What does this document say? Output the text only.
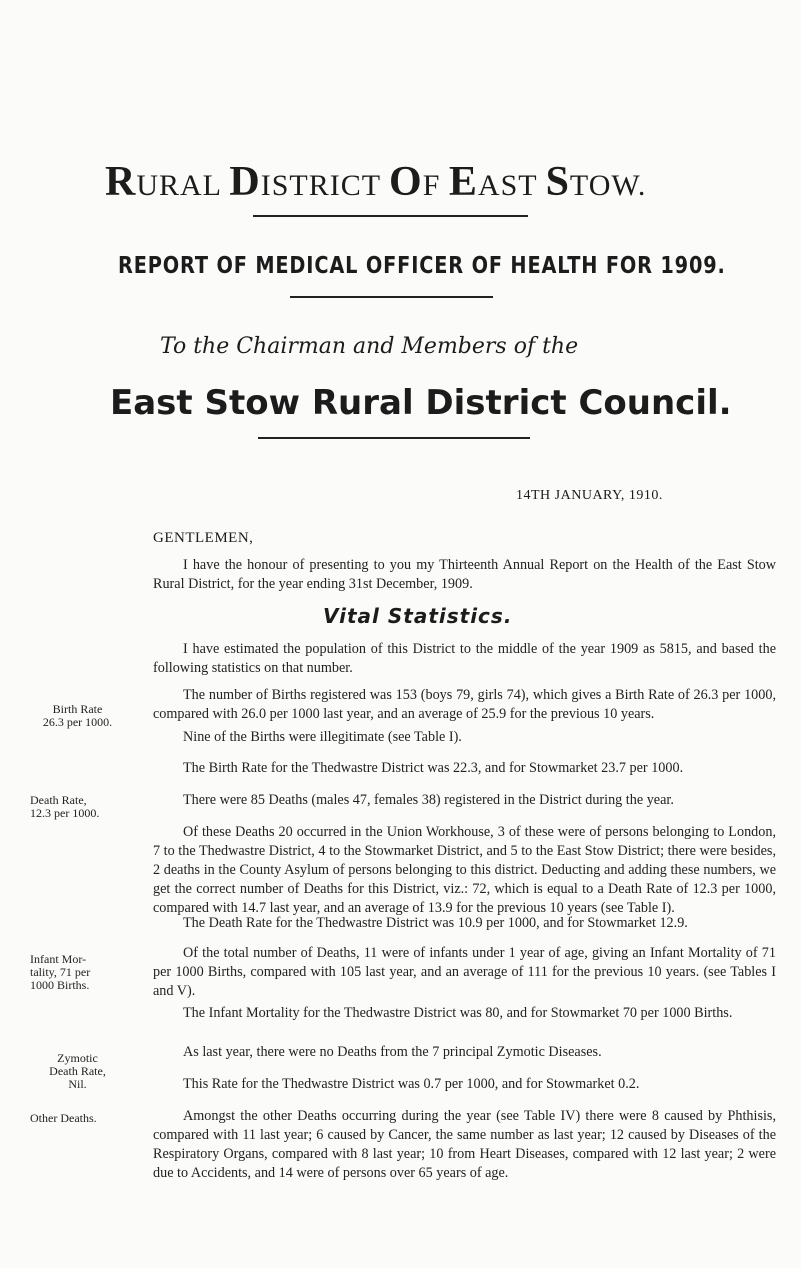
RURAL DISTRICT OF EAST STOW.
REPORT OF MEDICAL OFFICER OF HEALTH FOR 1909.
To the Chairman and Members of the
East Stow Rural District Council.
14TH JANUARY, 1910.
GENTLEMEN,
I have the honour of presenting to you my Thirteenth Annual Report on the Health of the East Stow Rural District, for the year ending 31st December, 1909.
Vital Statistics.
I have estimated the population of this District to the middle of the year 1909 as 5815, and based the following statistics on that number.
Birth Rate
26.3 per 1000.
The number of Births registered was 153 (boys 79, girls 74), which gives a Birth Rate of 26.3 per 1000, compared with 26.0 per 1000 last year, and an average of 25.9 for the previous 10 years.
Nine of the Births were illegitimate (see Table I).
The Birth Rate for the Thedwastre District was 22.3, and for Stowmarket 23.7 per 1000.
Death Rate,
12.3 per 1000.
There were 85 Deaths (males 47, females 38) registered in the District during the year.
Of these Deaths 20 occurred in the Union Workhouse, 3 of these were of persons belonging to London, 7 to the Thedwastre District, 4 to the Stowmarket District, and 5 to the East Stow District; there were besides, 2 deaths in the County Asylum of persons belonging to this district. Deducting and adding these numbers, we get the correct number of Deaths for this District, viz.: 72, which is equal to a Death Rate of 12.3 per 1000, compared with 14.7 last year, and an average of 13.9 for the previous 10 years (see Table I).
The Death Rate for the Thedwastre District was 10.9 per 1000, and for Stowmarket 12.9.
Infant Mor-
tality, 71 per
1000 Births.
Of the total number of Deaths, 11 were of infants under 1 year of age, giving an Infant Mortality of 71 per 1000 Births, compared with 105 last year, and an average of 111 for the previous 10 years. (see Tables I and V).
The Infant Mortality for the Thedwastre District was 80, and for Stowmarket 70 per 1000 Births.
Zymotic
Death Rate,
Nil.
As last year, there were no Deaths from the 7 principal Zymotic Diseases.
This Rate for the Thedwastre District was 0.7 per 1000, and for Stowmarket 0.2.
Other Deaths.	Amongst the other Deaths occurring during the year (see Table IV) there were 8 caused by Phthisis, compared with 11 last year; 6 caused by Cancer, the same number as last year; 12 caused by Diseases of the Respiratory Organs, compared with 8 last year; 10 from Heart Diseases, compared with 12 last year; 2 were due to Accidents, and 14 were of persons over 65 years of age.
